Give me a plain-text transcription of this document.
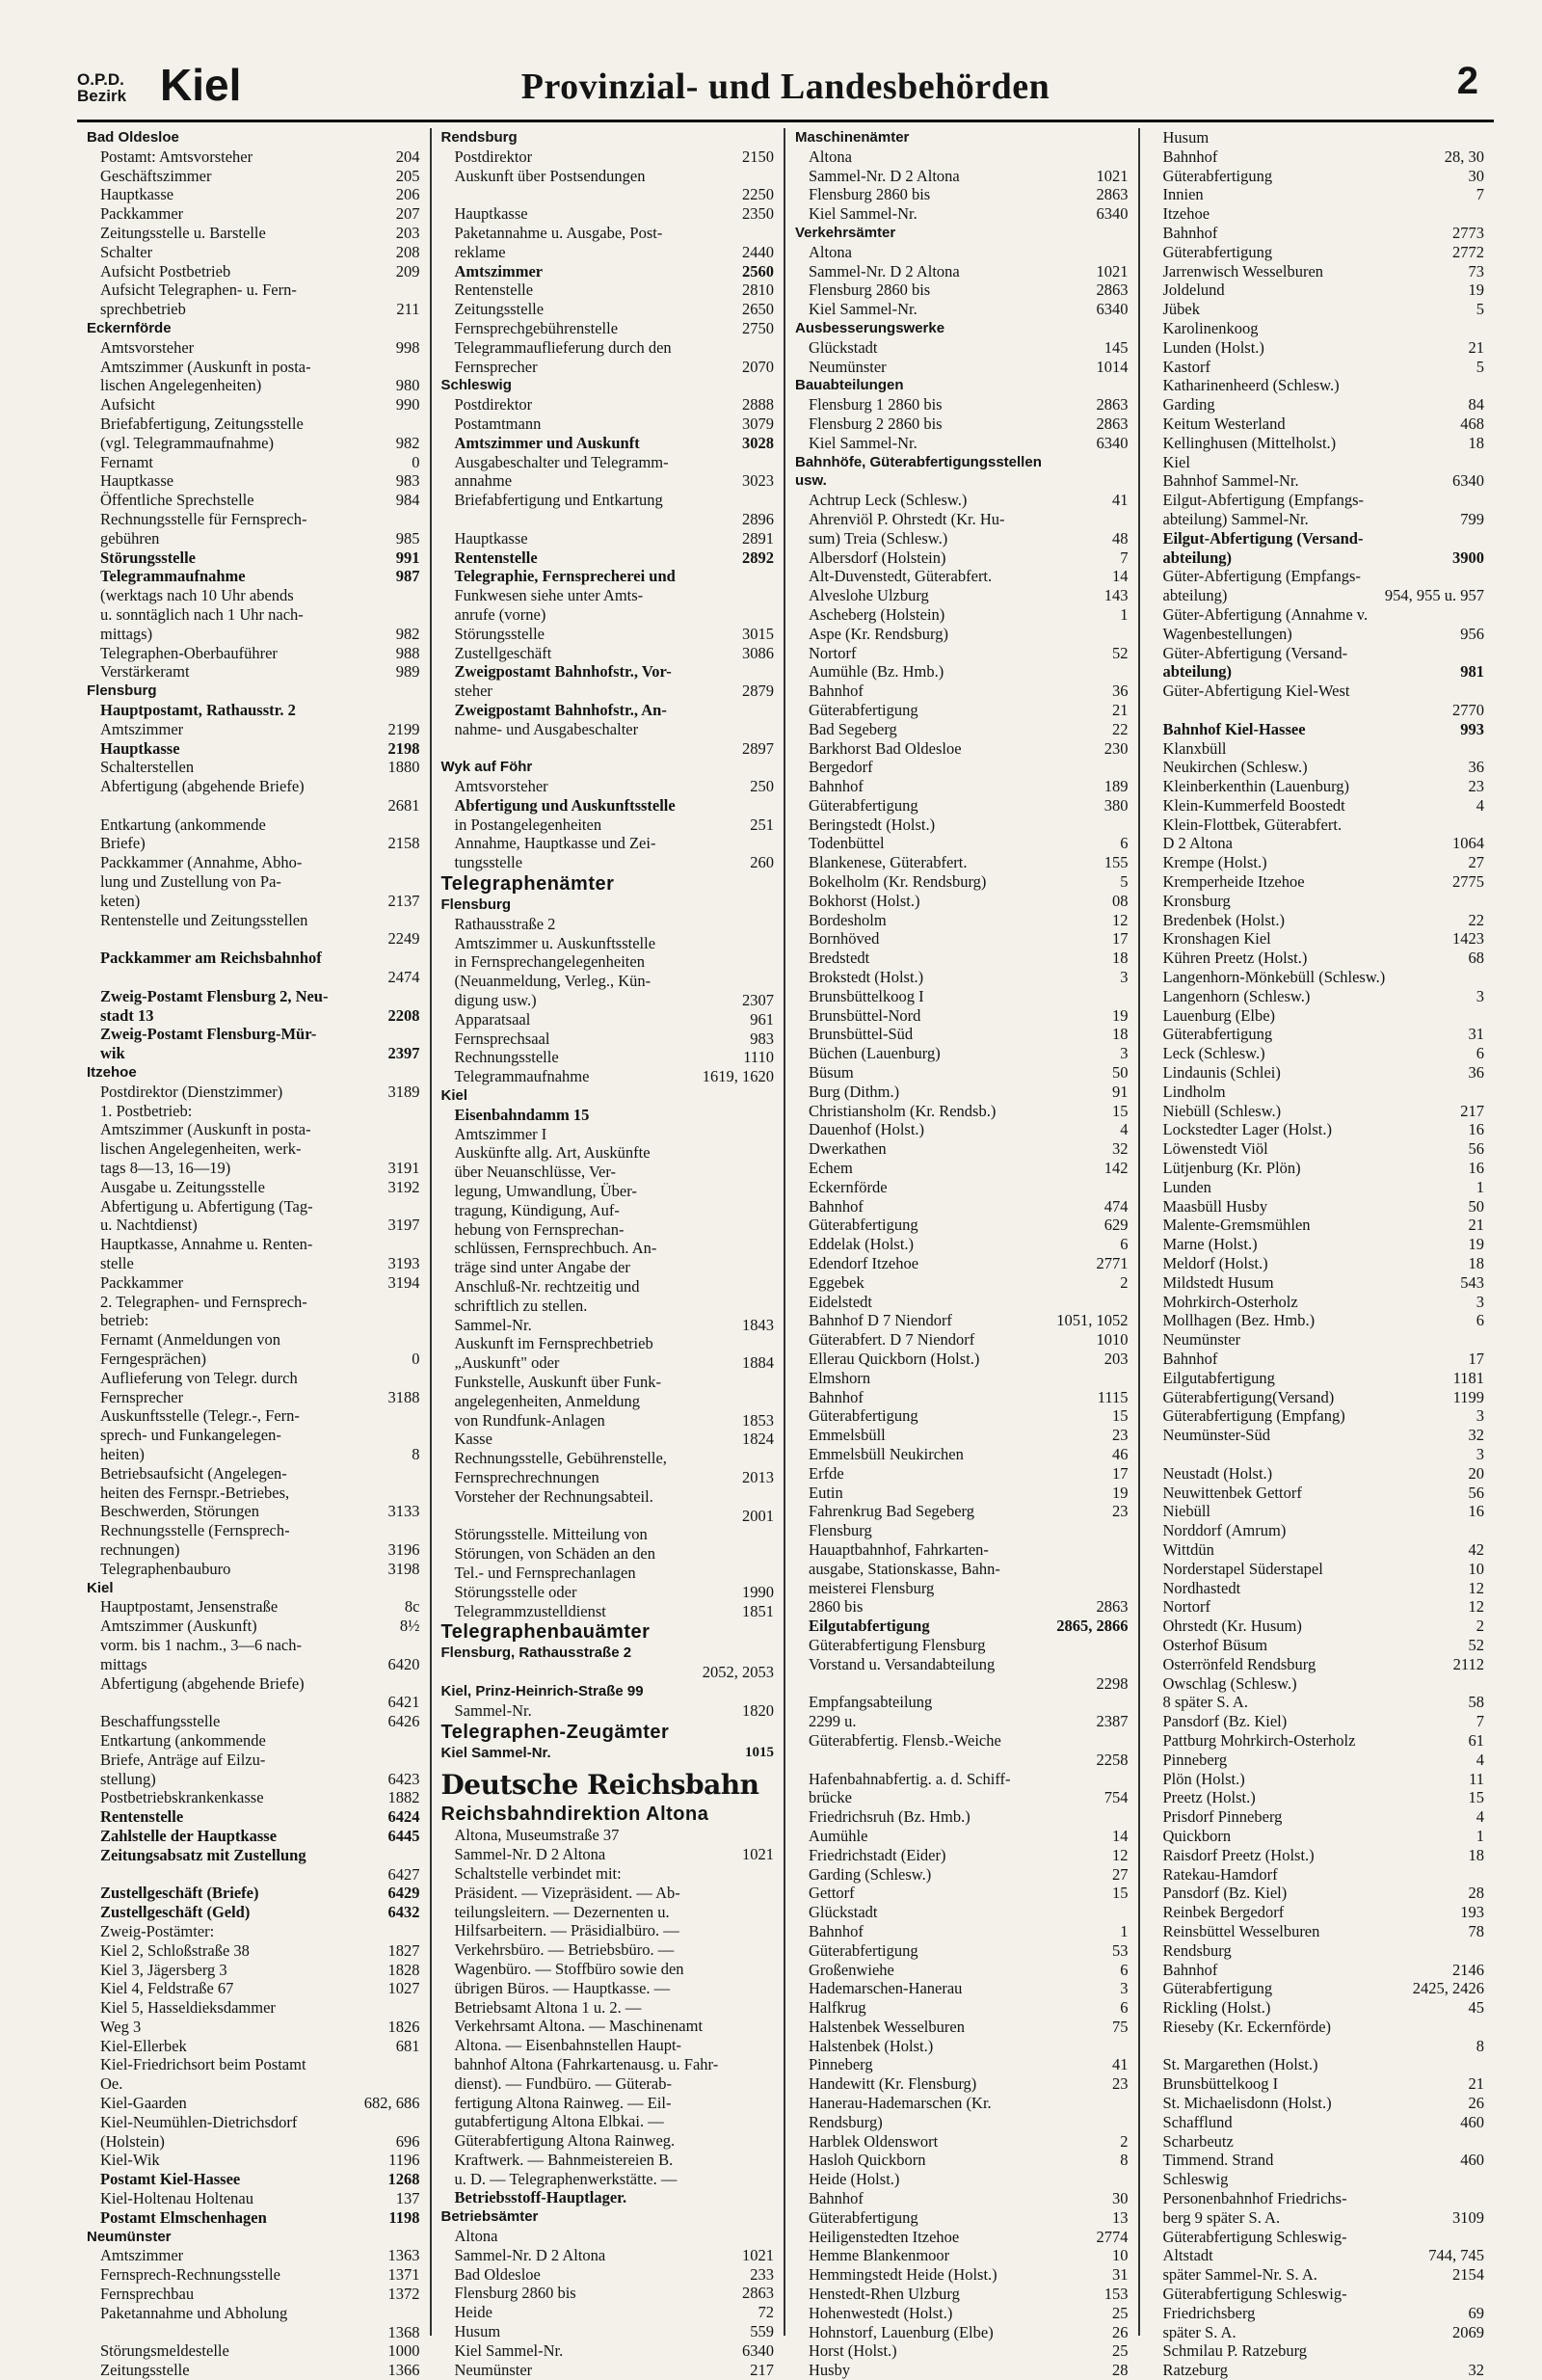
O.P.D.
Bezirk Kiel	Provinzial- und Landesbehörden	2
Bad Oldesloe
Postamt: Amtsvorsteher	204
Geschäftszimmer	205
Hauptkasse	206
Packkammer	207
Zeitungsstelle u. Barstelle	203
Schalter	208
Aufsicht Postbetrieb	209
Aufsicht Telegraphen- u. Fern-
sprechbetrieb	211
Eckernförde
Amtsvorsteher	998
Amtszimmer (Auskunft in posta-
lischen Angelegenheiten)	980
Aufsicht	990
Briefabfertigung, Zeitungsstelle
(vgl. Telegrammaufnahme)	982
Fernamt	0
Hauptkasse	983
Öffentliche Sprechstelle	984
Rechnungsstelle für Fernsprech-
gebühren	985
Störungsstelle	991
Telegrammaufnahme	987
(werktags nach 10 Uhr abends
u. sonntäglich nach 1 Uhr nach-
mittags)	982
Telegraphen-Oberbauführer	988
Verstärkeramt	989
Flensburg
Hauptpostamt, Rathausstr. 2
Amtszimmer	2199
Hauptkasse	2198
Schalterstellen	1880
Abfertigung (abgehende Briefe)
2681
Entkartung (ankommende
Briefe)	2158
Packkammer (Annahme, Abho-
lung und Zustellung von Pa-
keten)	2137
Rentenstelle und Zeitungsstellen
2249
Packkammer am Reichsbahnhof
2474
Zweig-Postamt Flensburg 2, Neu-
stadt 13	2208
Zweig-Postamt Flensburg-Mür-
wik	2397
Itzehoe
Postdirektor (Dienstzimmer)	3189
1. Postbetrieb:
Amtszimmer (Auskunft in posta-
lischen Angelegenheiten, werk-
tags 8—13, 16—19)	3191
Ausgabe u. Zeitungsstelle	3192
Abfertigung u. Abfertigung (Tag-
u. Nachtdienst)	3197
Hauptkasse, Annahme u. Renten-
stelle	3193
Packkammer	3194
2. Telegraphen- und Fernsprech-
betrieb:
Fernamt (Anmeldungen von
Ferngesprächen)	0
Auflieferung von Telegr. durch
Fernsprecher	3188
Auskunftsstelle (Telegr.-, Fern-
sprech- und Funkangelegen-
heiten)	8
Betriebsaufsicht (Angelegen-
heiten des Fernspr.-Betriebes,
Beschwerden, Störungen	3133
Rechnungsstelle (Fernsprech-
rechnungen)	3196
Telegraphenbauburo	3198
Kiel
Hauptpostamt, Jensenstraße	8c
Amtszimmer (Auskunft)	8½
vorm. bis 1 nachm., 3—6 nach-
mittags	6420
Abfertigung (abgehende Briefe)
6421
Beschaffungsstelle	6426
Entkartung (ankommende
Briefe, Anträge auf Eilzu-
stellung)	6423
Postbetriebskrankenkasse	1882
Rentenstelle	6424
Zahlstelle der Hauptkasse	6445
Zeitungsabsatz mit Zustellung
6427
Zustellgeschäft (Briefe)	6429
Zustellgeschäft (Geld)	6432
Zweig-Postämter:
Kiel 2, Schloßstraße 38	1827
Kiel 3, Jägersberg 3	1828
Kiel 4, Feldstraße 67	1027
Kiel 5, Hasseldieksdammer
Weg 3	1826
Kiel-Ellerbek	681
Kiel-Friedrichsort beim Postamt
Oe.
Kiel-Gaarden	682, 686
Kiel-Neumühlen-Dietrichsdorf
(Holstein)	696
Kiel-Wik	1196
Postamt Kiel-Hassee	1268
Kiel-Holtenau Holtenau	137
Postamt Elmschenhagen	1198
Neumünster
Amtszimmer	1363
Fernsprech-Rechnungsstelle	1371
Fernsprechbau	1372
Paketannahme und Abholung
1368
Störungsmeldestelle	1000
Zeitungsstelle	1366
Rendsburg
Postdirektor	2150
Auskunft über Postsendungen
2250
Hauptkasse	2350
Paketannahme u. Ausgabe, Post-
reklame	2440
Amtszimmer	2560
Rentenstelle	2810
Zeitungsstelle	2650
Fernsprechgebührenstelle	2750
Telegrammauflieferung durch den
Fernsprecher	2070
Schleswig
Postdirektor	2888
Postamtmann	3079
Amtszimmer und Auskunft	3028
Ausgabeschalter und Telegramm-
annahme	3023
Briefabfertigung und Entkartung
2896
Hauptkasse	2891
Rentenstelle	2892
Telegraphie, Fernsprecherei und
Funkwesen siehe unter Amts-
anrufe (vorne)
Störungsstelle	3015
Zustellgeschäft	3086
Zweigpostamt Bahnhofstr., Vor-
steher	2879
Zweigpostamt Bahnhofstr., An-
nahme- und Ausgabeschalter
2897
Wyk auf Föhr
Amtsvorsteher	250
Abfertigung und Auskunftsstelle
in Postangelegenheiten	251
Annahme, Hauptkasse und Zei-
tungsstelle	260
Telegraphenämter
Flensburg
Rathausstraße 2
Amtszimmer u. Auskunftsstelle
in Fernsprechangelegenheiten
(Neuanmeldung, Verleg., Kün-
digung usw.)	2307
Apparatsaal	961
Fernsprechsaal	983
Rechnungsstelle	1110
Telegrammaufnahme	1619, 1620
Kiel
Eisenbahndamm 15
Amtszimmer I
Auskünfte allg. Art, Auskünfte
über Neuanschlüsse, Ver-
legung, Umwandlung, Über-
tragung, Kündigung, Auf-
hebung von Fernsprechan-
schlüssen, Fernsprechbuch. An-
träge sind unter Angabe der
Anschluß-Nr. rechtzeitig und
schriftlich zu stellen.
Sammel-Nr.	1843
Auskunft im Fernsprechbetrieb
„Auskunft" oder	1884
Funkstelle, Auskunft über Funk-
angelegenheiten, Anmeldung
von Rundfunk-Anlagen	1853
Kasse	1824
Rechnungsstelle, Gebührenstelle,
Fernsprechrechnungen	2013
Vorsteher der Rechnungsabteil.
2001
Störungsstelle. Mitteilung von
Störungen, von Schäden an den
Tel.- und Fernsprechanlagen
Störungsstelle oder	1990
Telegrammzustelldienst	1851
Telegraphenbauämter
Flensburg, Rathausstraße 2
2052, 2053
Kiel, Prinz-Heinrich-Straße 99
Sammel-Nr.	1820
Telegraphen-Zeugämter
Kiel Sammel-Nr.	1015
Deutsche Reichsbahn
Reichsbahndirektion Altona
Altona, Museumstraße 37
Sammel-Nr. D 2 Altona	1021
Schaltstelle verbindet mit:
Präsident. — Vizepräsident. — Ab-
teilungsleitern. — Dezernenten u.
Hilfsarbeitern. — Präsidialbüro. —
Verkehrsbüro. — Betriebsbüro. —
Wagenbüro. — Stoffbüro sowie den
übrigen Büros. — Hauptkasse. —
Betriebsamt Altona 1 u. 2. —
Verkehrsamt Altona. — Maschinenamt
Altona. — Eisenbahnstellen Haupt-
bahnhof Altona (Fahrkartenausg. u. Fahr-
dienst). — Fundbüro. — Güterab-
fertigung Altona Rainweg. — Eil-
gutabfertigung Altona Elbkai. —
Güterabfertigung Altona Rainweg.
Kraftwerk. — Bahnmeistereien B.
u. D. — Telegraphenwerkstätte. —
Betriebsstoff-Hauptlager.
Betriebsämter
Altona
Sammel-Nr. D 2 Altona	1021
Bad Oldesloe	233
Flensburg 2860 bis	2863
Heide	72
Husum	559
Kiel Sammel-Nr.	6340
Neumünster	217
Maschinenämter
Altona
Sammel-Nr. D 2 Altona	1021
Flensburg 2860 bis	2863
Kiel Sammel-Nr.	6340
Verkehrsämter
Altona
Sammel-Nr. D 2 Altona	1021
Flensburg 2860 bis	2863
Kiel Sammel-Nr.	6340
Ausbesserungswerke
Glückstadt	145
Neumünster	1014
Bauabteilungen
Flensburg 1 2860 bis	2863
Flensburg 2 2860 bis	2863
Kiel Sammel-Nr.	6340
Bahnhöfe, Güterabfertigungsstellen
usw.
Achtrup Leck (Schlesw.)	41
Ahrenviöl P. Ohrstedt (Kr. Hu-
sum) Treia (Schlesw.)	48
Albersdorf (Holstein)	7
Alt-Duvenstedt, Güterabfert.	14
Alveslohe Ulzburg	143
Ascheberg (Holstein)	1
Aspe (Kr. Rendsburg)
Nortorf	52
Aumühle (Bz. Hmb.)
Bahnhof	36
Güterabfertigung	21
Bad Segeberg	22
Barkhorst Bad Oldesloe	230
Bergedorf
Bahnhof	189
Güterabfertigung	380
Beringstedt (Holst.)
Todenbüttel	6
Blankenese, Güterabfert.	155
Bokelholm (Kr. Rendsburg)	5
Bokhorst (Holst.)	08
Bordesholm	12
Bornhöved	17
Bredstedt	18
Brokstedt (Holst.)	3
Brunsbüttelkoog I
Brunsbüttel-Nord	19
Brunsbüttel-Süd	18
Büchen (Lauenburg)	3
Büsum	50
Burg (Dithm.)	91
Christiansholm (Kr. Rendsb.)	15
Dauenhof (Holst.)	4
Dwerkathen	32
Echem	142
Eckernförde
Bahnhof	474
Güterabfertigung	629
Eddelak (Holst.)	6
Edendorf Itzehoe	2771
Eggebek	2
Eidelstedt
Bahnhof D 7 Niendorf	1051, 1052
Güterabfert. D 7 Niendorf	1010
Ellerau Quickborn (Holst.)	203
Elmshorn
Bahnhof	1115
Güterabfertigung	15
Emmelsbüll	23
Emmelsbüll Neukirchen	46
Erfde	17
Eutin	19
Fahrenkrug Bad Segeberg	23
Flensburg
Hauaptbahnhof, Fahrkarten-
ausgabe, Stationskasse, Bahn-
meisterei Flensburg
2860 bis	2863
Eilgutabfertigung	2865, 2866
Güterabfertigung Flensburg
Vorstand u. Versandabteilung
2298
Empfangsabteilung
2299 u.	2387
Güterabfertig. Flensb.-Weiche
2258
Hafenbahnabfertig. a. d. Schiff-
brücke	754
Friedrichsruh (Bz. Hmb.)
Aumühle	14
Friedrichstadt (Eider)	12
Garding (Schlesw.)	27
Gettorf	15
Glückstadt
Bahnhof	1
Güterabfertigung	53
Großenwiehe	6
Hademarschen-Hanerau	3
Halfkrug	6
Halstenbek Wesselburen	75
Halstenbek (Holst.)
Pinneberg	41
Handewitt (Kr. Flensburg)	23
Hanerau-Hademarschen (Kr.
Rendsburg)
Harblek Oldenswort	2
Hasloh Quickborn	8
Heide (Holst.)
Bahnhof	30
Güterabfertigung	13
Heiligenstedten Itzehoe	2774
Hemme Blankenmoor	10
Hemmingstedt Heide (Holst.)	31
Henstedt-Rhen Ulzburg	153
Hohenwestedt (Holst.)	25
Hohnstorf, Lauenburg (Elbe)	26
Horst (Holst.)	25
Husby	28
Husum
Bahnhof	28, 30
Güterabfertigung	30
Innien	7
Itzehoe
Bahnhof	2773
Güterabfertigung	2772
Jarrenwisch Wesselburen	73
Joldelund	19
Jübek	5
Karolinenkoog
Lunden (Holst.)	21
Kastorf	5
Katharinenheerd (Schlesw.)
Garding	84
Keitum Westerland	468
Kellinghusen (Mittelholst.)	18
Kiel
Bahnhof Sammel-Nr.	6340
Eilgut-Abfertigung (Empfangs-
abteilung) Sammel-Nr.	799
Eilgut-Abfertigung (Versand-
abteilung)	3900
Güter-Abfertigung (Empfangs-
abteilung)	954, 955 u. 957
Güter-Abfertigung (Annahme v.
Wagenbestellungen)	956
Güter-Abfertigung (Versand-
abteilung)	981
Güter-Abfertigung Kiel-West
2770
Bahnhof Kiel-Hassee	993
Klanxbüll
Neukirchen (Schlesw.)	36
Kleinberkenthin (Lauenburg)	23
Klein-Kummerfeld Boostedt	4
Klein-Flottbek, Güterabfert.
D 2 Altona	1064
Krempe (Holst.)	27
Kremperheide Itzehoe	2775
Kronsburg
Bredenbek (Holst.)	22
Kronshagen Kiel	1423
Kühren Preetz (Holst.)	68
Langenhorn-Mönkebüll (Schlesw.)
Langenhorn (Schlesw.)	3
Lauenburg (Elbe)
Güterabfertigung	31
Leck (Schlesw.)	6
Lindaunis (Schlei)	36
Lindholm
Niebüll (Schlesw.)	217
Lockstedter Lager (Holst.)	16
Löwenstedt Viöl	56
Lütjenburg (Kr. Plön)	16
Lunden	1
Maasbüll Husby	50
Malente-Gremsmühlen	21
Marne (Holst.)	19
Meldorf (Holst.)	18
Mildstedt Husum	543
Mohrkirch-Osterholz	3
Mollhagen (Bez. Hmb.)	6
Neumünster
Bahnhof	17
Eilgutabfertigung	1181
Güterabfertigung(Versand)	1199
Güterabfertigung (Empfang)	3
Neumünster-Süd	32
3
Neustadt (Holst.)	20
Neuwittenbek Gettorf	56
Niebüll	16
Norddorf (Amrum)
Wittdün	42
Norderstapel Süderstapel	10
Nordhastedt	12
Nortorf	12
Ohrstedt (Kr. Husum)	2
Osterhof Büsum	52
Osterrönfeld Rendsburg	2112
Owschlag (Schlesw.)
8 später S. A.	58
Pansdorf (Bz. Kiel)	7
Pattburg Mohrkirch-Osterholz	61
Pinneberg	4
Plön (Holst.)	11
Preetz (Holst.)	15
Prisdorf Pinneberg	4
Quickborn	1
Raisdorf Preetz (Holst.)	18
Ratekau-Hamdorf
Pansdorf (Bz. Kiel)	28
Reinbek Bergedorf	193
Reinsbüttel Wesselburen	78
Rendsburg
Bahnhof	2146
Güterabfertigung	2425, 2426
Rickling (Holst.)	45
Rieseby (Kr. Eckernförde)
8
St. Margarethen (Holst.)
Brunsbüttelkoog I	21
St. Michaelisdonn (Holst.)	26
Schafflund	460
Scharbeutz
Timmend. Strand	460
Schleswig
Personenbahnhof Friedrichs-
berg 9 später S. A.	3109
Güterabfertigung Schleswig-
Altstadt	744, 745
später Sammel-Nr. S. A.	2154
Güterabfertigung Schleswig-
Friedrichsberg	69
später S. A.	2069
Schmilau P. Ratzeburg
Ratzeburg	32
